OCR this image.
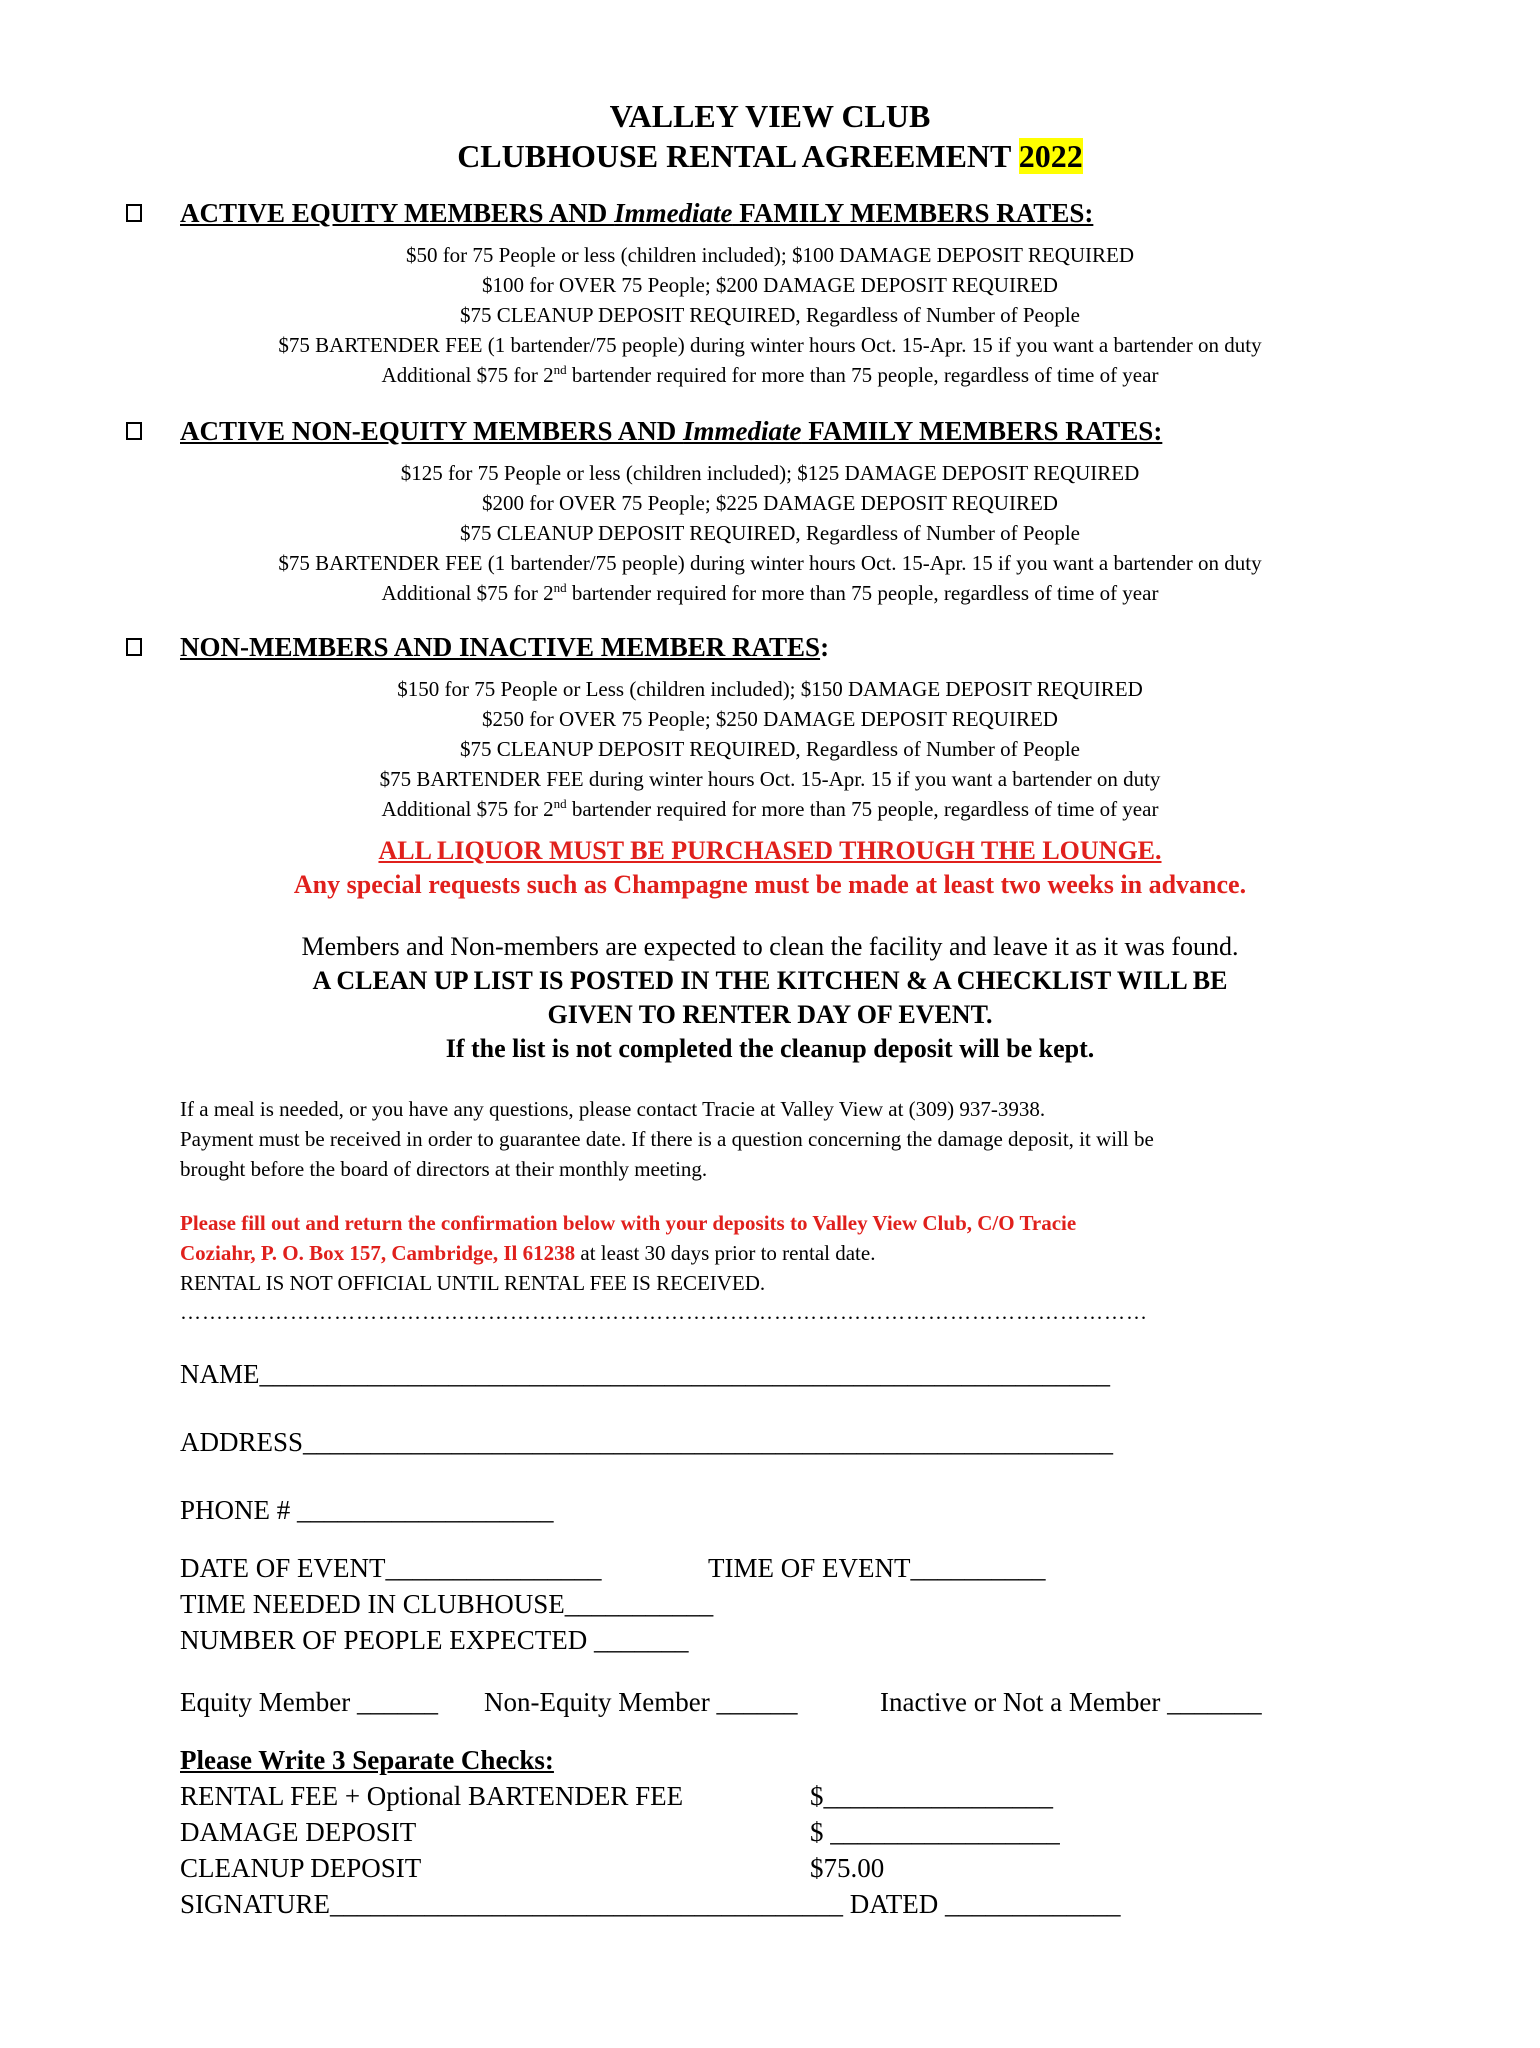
VALLEY VIEW CLUB
CLUBHOUSE RENTAL AGREEMENT 2022
ACTIVE EQUITY MEMBERS AND Immediate FAMILY MEMBERS RATES:
$50 for 75 People or less (children included); $100 DAMAGE DEPOSIT REQUIRED
$100 for OVER 75 People; $200 DAMAGE DEPOSIT REQUIRED
$75 CLEANUP DEPOSIT REQUIRED, Regardless of Number of People
$75 BARTENDER FEE (1 bartender/75 people) during winter hours Oct. 15-Apr. 15 if you want a bartender on duty
Additional $75 for 2nd bartender required for more than 75 people, regardless of time of year
ACTIVE NON-EQUITY MEMBERS AND Immediate FAMILY MEMBERS RATES:
$125 for 75 People or less (children included); $125 DAMAGE DEPOSIT REQUIRED
$200 for OVER 75 People; $225 DAMAGE DEPOSIT REQUIRED
$75 CLEANUP DEPOSIT REQUIRED, Regardless of Number of People
$75 BARTENDER FEE (1 bartender/75 people) during winter hours Oct. 15-Apr. 15 if you want a bartender on duty
Additional $75 for 2nd bartender required for more than 75 people, regardless of time of year
NON-MEMBERS AND INACTIVE MEMBER RATES:
$150 for 75 People or Less (children included); $150 DAMAGE DEPOSIT REQUIRED
$250 for OVER 75 People; $250 DAMAGE DEPOSIT REQUIRED
$75 CLEANUP DEPOSIT REQUIRED, Regardless of Number of People
$75 BARTENDER FEE during winter hours Oct. 15-Apr. 15 if you want a bartender on duty
Additional $75 for 2nd bartender required for more than 75 people, regardless of time of year
ALL LIQUOR MUST BE PURCHASED THROUGH THE LOUNGE.
Any special requests such as Champagne must be made at least two weeks in advance.
Members and Non-members are expected to clean the facility and leave it as it was found.
A CLEAN UP LIST IS POSTED IN THE KITCHEN & A CHECKLIST WILL BE
GIVEN TO RENTER DAY OF EVENT.
If the list is not completed the cleanup deposit will be kept.
If a meal is needed, or you have any questions, please contact Tracie at Valley View at (309) 937-3938.
Payment must be received in order to guarantee date. If there is a question concerning the damage deposit, it will be
brought before the board of directors at their monthly meeting.
Please fill out and return the confirmation below with your deposits to Valley View Club, C/O Tracie
Coziahr, P. O. Box 157, Cambridge, Il 61238 at least 30 days prior to rental date.
RENTAL IS NOT OFFICIAL UNTIL RENTAL FEE IS RECEIVED.
……………………………………………………………………………………………………………………
NAME_______________________________________________________________
ADDRESS____________________________________________________________
PHONE # ___________________
DATE OF EVENT________________	TIME OF EVENT__________
TIME NEEDED IN CLUBHOUSE___________
NUMBER OF PEOPLE EXPECTED _______
Equity Member ______ Non-Equity Member ______	Inactive or Not a Member _______
Please Write 3 Separate Checks:
RENTAL FEE + Optional BARTENDER FEE	$_________________
DAMAGE DEPOSIT	$ _________________
CLEANUP DEPOSIT	$75.00
SIGNATURE______________________________________ DATED _____________
